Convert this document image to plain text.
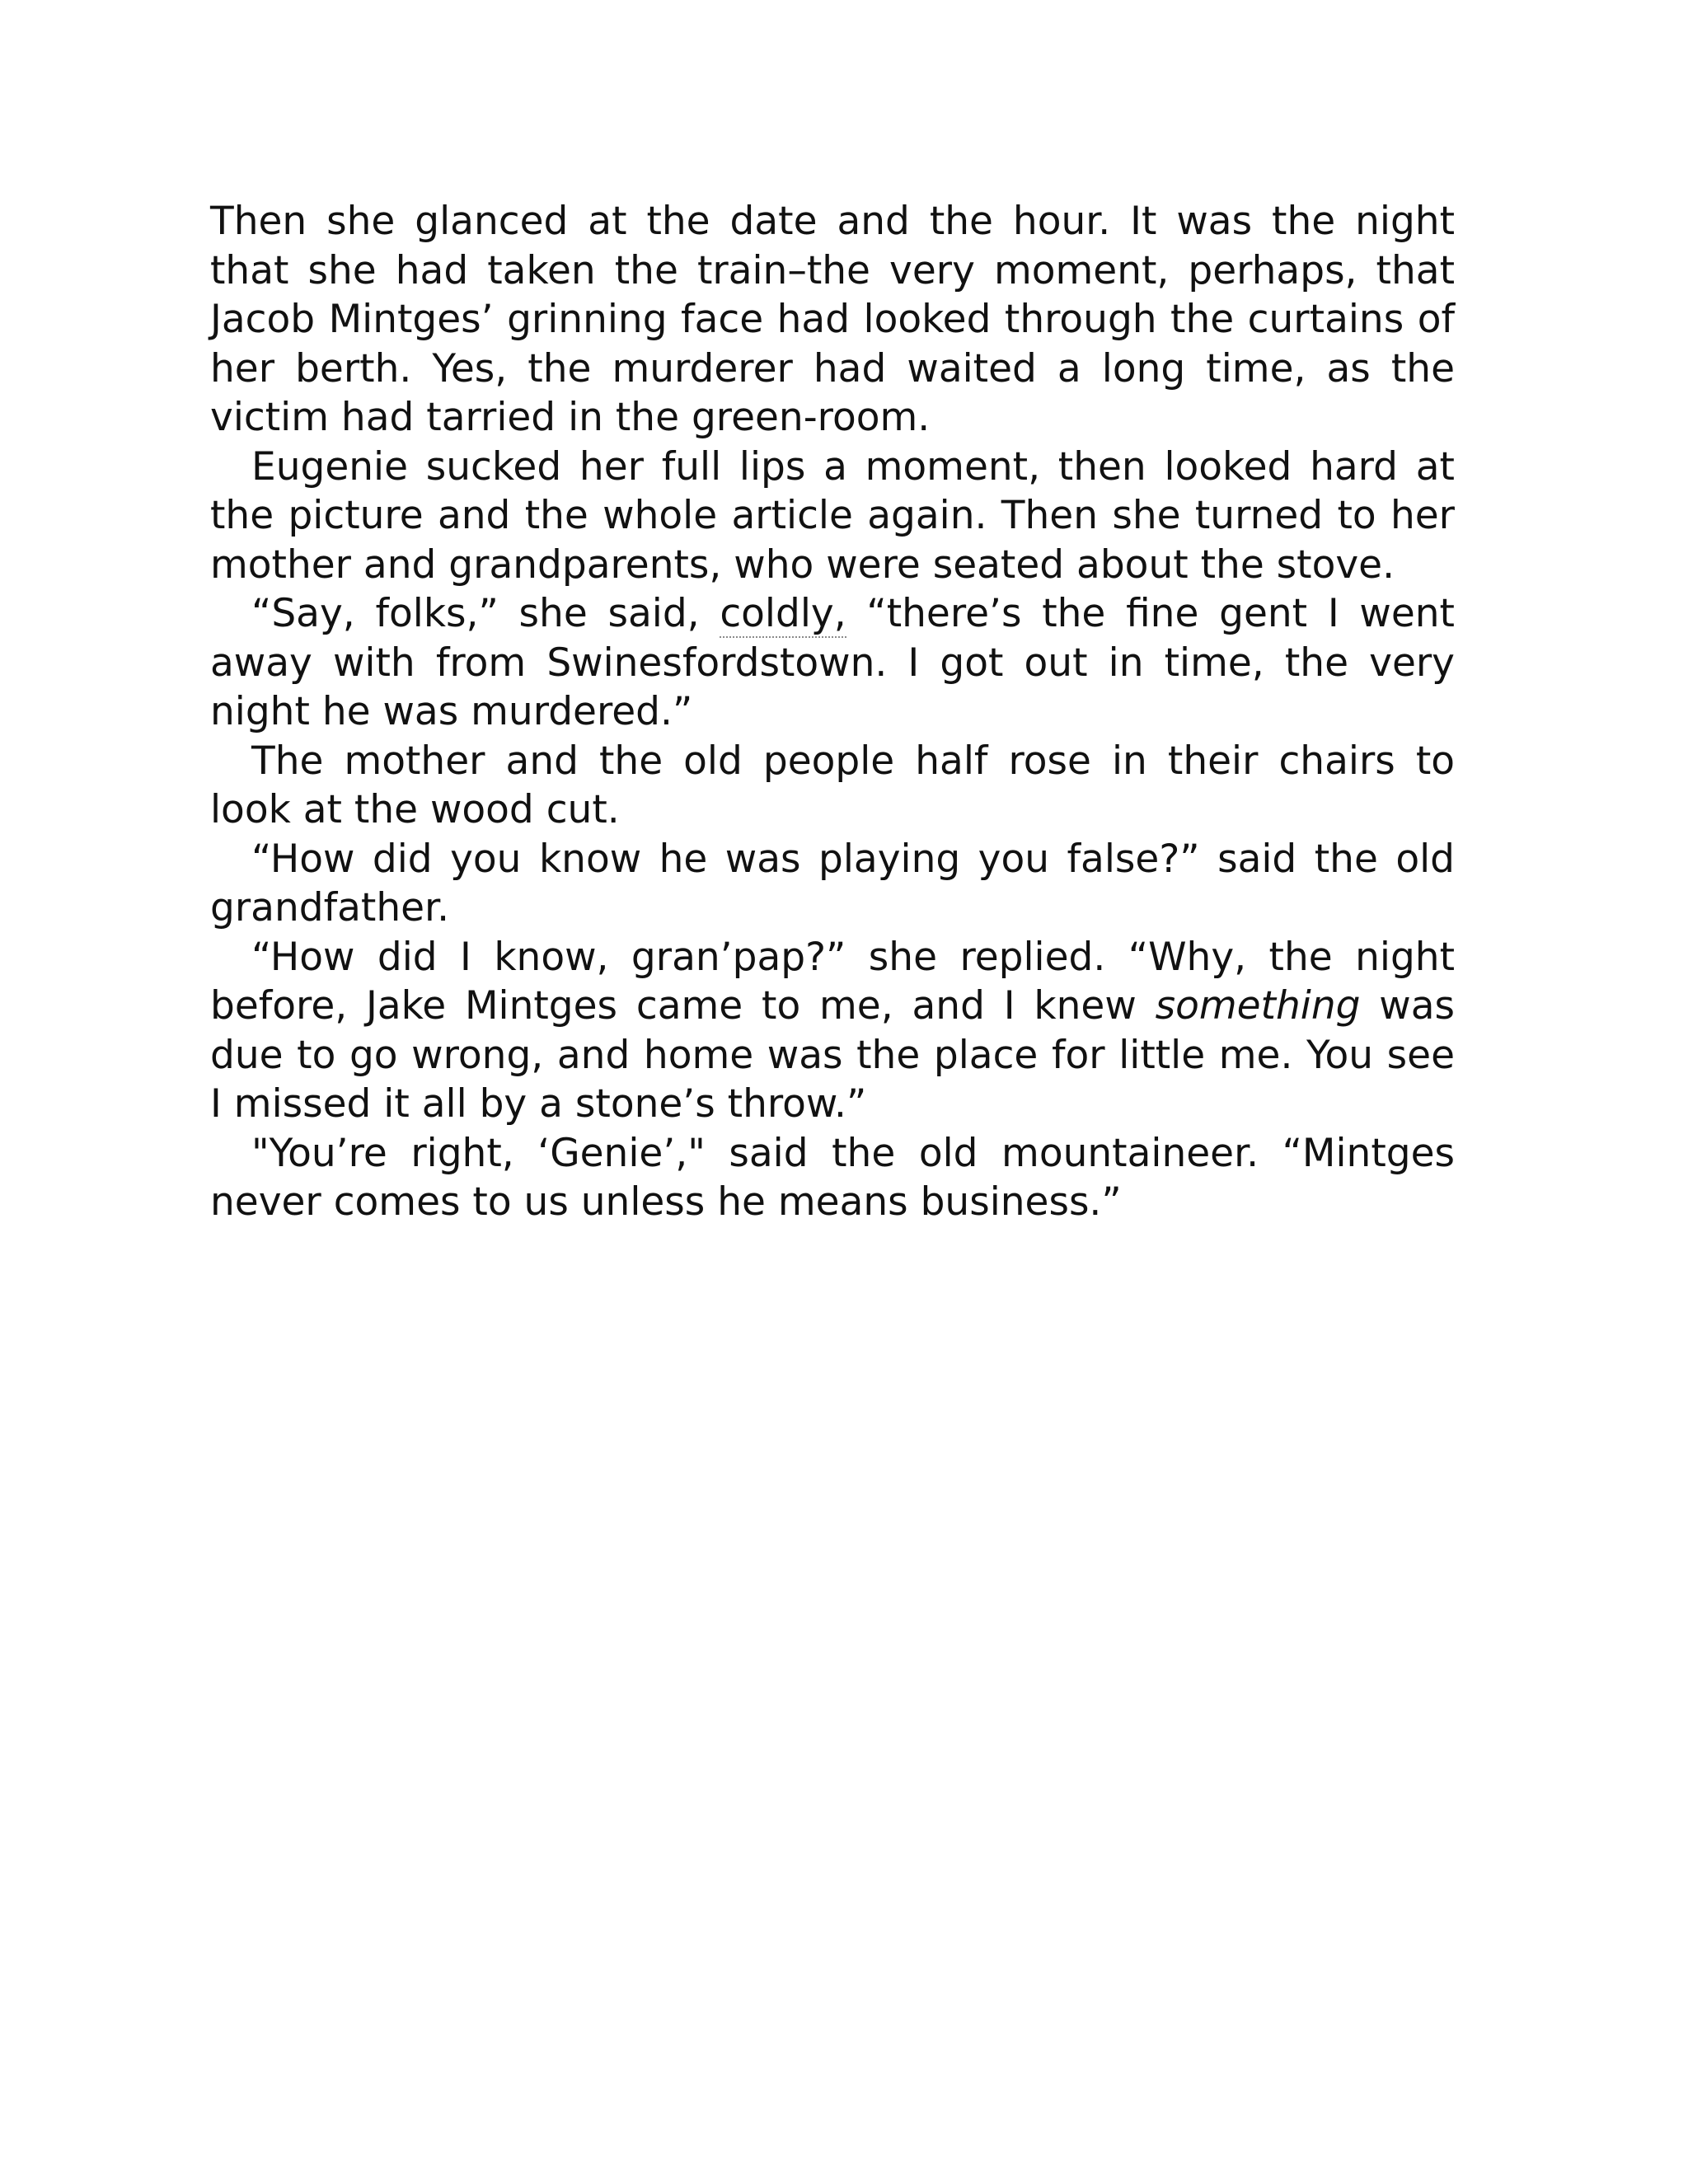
Then she glanced at the date and the hour. It was the night that she had taken the train–the very moment, perhaps, that Jacob Mintges’ grinning face had looked through the curtains of her berth. Yes, the murderer had waited a long time, as the victim had tarried in the green-room.

Eugenie sucked her full lips a moment, then looked hard at the picture and the whole article again. Then she turned to her mother and grandparents, who were seated about the stove.

“Say, folks,” she said, coldly, “there’s the fine gent I went away with from Swinesfordstown. I got out in time, the very night he was murdered.”

The mother and the old people half rose in their chairs to look at the wood cut.

“How did you know he was playing you false?” said the old grandfather.

“How did I know, gran’pap?” she replied. “Why, the night before, Jake Mintges came to me, and I knew something was due to go wrong, and home was the place for little me. You see I missed it all by a stone’s throw.”

"You’re right, ‘Genie’," said the old mountaineer. “Mintges never comes to us unless he means business.”
